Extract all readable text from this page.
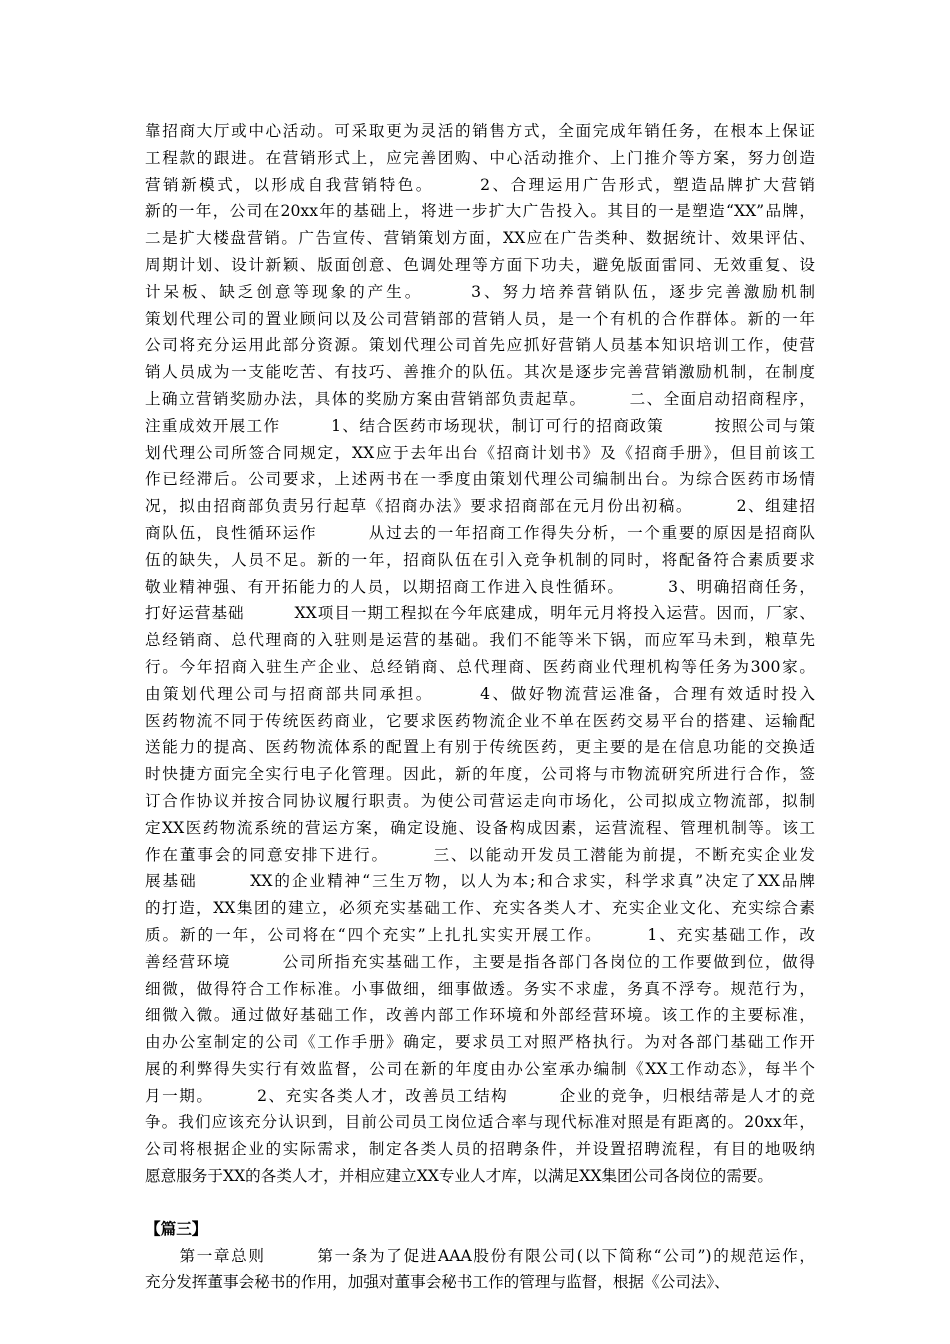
靠招商大厅或中心活动。可采取更为灵活的销售方式，全面完成年销任务，在根本上保证
工程款的跟进。在营销形式上，应完善团购、中心活动推介、上门推介等方案，努力创造
营销新模式，以形成自我营销特色。　　　2、合理运用广告形式，塑造品牌扩大营销
新的一年，公司在20xx年的基础上，将进一步扩大广告投入。其目的一是塑造“XX”品牌，
二是扩大楼盘营销。广告宣传、营销策划方面，XX应在广告类种、数据统计、效果评估、
周期计划、设计新颖、版面创意、色调处理等方面下功夫，避免版面雷同、无效重复、设
计呆板、缺乏创意等现象的产生。　　　3、努力培养营销队伍，逐步完善激励机制
策划代理公司的置业顾问以及公司营销部的营销人员，是一个有机的合作群体。新的一年
公司将充分运用此部分资源。策划代理公司首先应抓好营销人员基本知识培训工作，使营
销人员成为一支能吃苦、有技巧、善推介的队伍。其次是逐步完善营销激励机制，在制度
上确立营销奖励办法，具体的奖励方案由营销部负责起草。　　　二、全面启动招商程序，
注重成效开展工作　　　1、结合医药市场现状，制订可行的招商政策　　　按照公司与策
划代理公司所签合同规定，XX应于去年出台《招商计划书》及《招商手册》，但目前该工
作已经滞后。公司要求，上述两书在一季度由策划代理公司编制出台。为综合医药市场情
况，拟由招商部负责另行起草《招商办法》要求招商部在元月份出初稿。　　　2、组建招
商队伍，良性循环运作　　　从过去的一年招商工作得失分析，一个重要的原因是招商队
伍的缺失，人员不足。新的一年，招商队伍在引入竞争机制的同时，将配备符合素质要求
敬业精神强、有开拓能力的人员，以期招商工作进入良性循环。　　　3、明确招商任务，
打好运营基础　　　XX项目一期工程拟在今年底建成，明年元月将投入运营。因而，厂家、
总经销商、总代理商的入驻则是运营的基础。我们不能等米下锅，而应军马未到，粮草先
行。今年招商入驻生产企业、总经销商、总代理商、医药商业代理机构等任务为300家。
由策划代理公司与招商部共同承担。　　　4、做好物流营运准备，合理有效适时投入
医药物流不同于传统医药商业，它要求医药物流企业不单在医药交易平台的搭建、运输配
送能力的提高、医药物流体系的配置上有别于传统医药，更主要的是在信息功能的交换适
时快捷方面完全实行电子化管理。因此，新的年度，公司将与市物流研究所进行合作，签
订合作协议并按合同协议履行职责。为使公司营运走向市场化，公司拟成立物流部，拟制
定XX医药物流系统的营运方案，确定设施、设备构成因素，运营流程、管理机制等。该工
作在董事会的同意安排下进行。　　　三、以能动开发员工潜能为前提，不断充实企业发
展基础　　　XX的企业精神“三生万物，以人为本;和合求实，科学求真”决定了XX品牌
的打造，XX集团的建立，必须充实基础工作、充实各类人才、充实企业文化、充实综合素
质。新的一年，公司将在“四个充实”上扎扎实实开展工作。　　　1、充实基础工作，改
善经营环境　　　公司所指充实基础工作，主要是指各部门各岗位的工作要做到位，做得
细微，做得符合工作标准。小事做细，细事做透。务实不求虚，务真不浮夸。规范行为，
细微入微。通过做好基础工作，改善内部工作环境和外部经营环境。该工作的主要标准，
由办公室制定的公司《工作手册》确定，要求员工对照严格执行。为对各部门基础工作开
展的利弊得失实行有效监督，公司在新的年度由办公室承办编制《XX工作动态》，每半个
月一期。　　　2、充实各类人才，改善员工结构　　　企业的竞争，归根结蒂是人才的竞
争。我们应该充分认识到，目前公司员工岗位适合率与现代标准对照是有距离的。20xx年，
公司将根据企业的实际需求，制定各类人员的招聘条件，并设置招聘流程，有目的地吸纳
愿意服务于XX的各类人才，并相应建立XX专业人才库，以满足XX集团公司各岗位的需要。
【篇三】
　　第一章总则　　　第一条为了促进AAA股份有限公司(以下简称“公司”)的规范运作，
充分发挥董事会秘书的作用，加强对董事会秘书工作的管理与监督，根据《公司法》、
